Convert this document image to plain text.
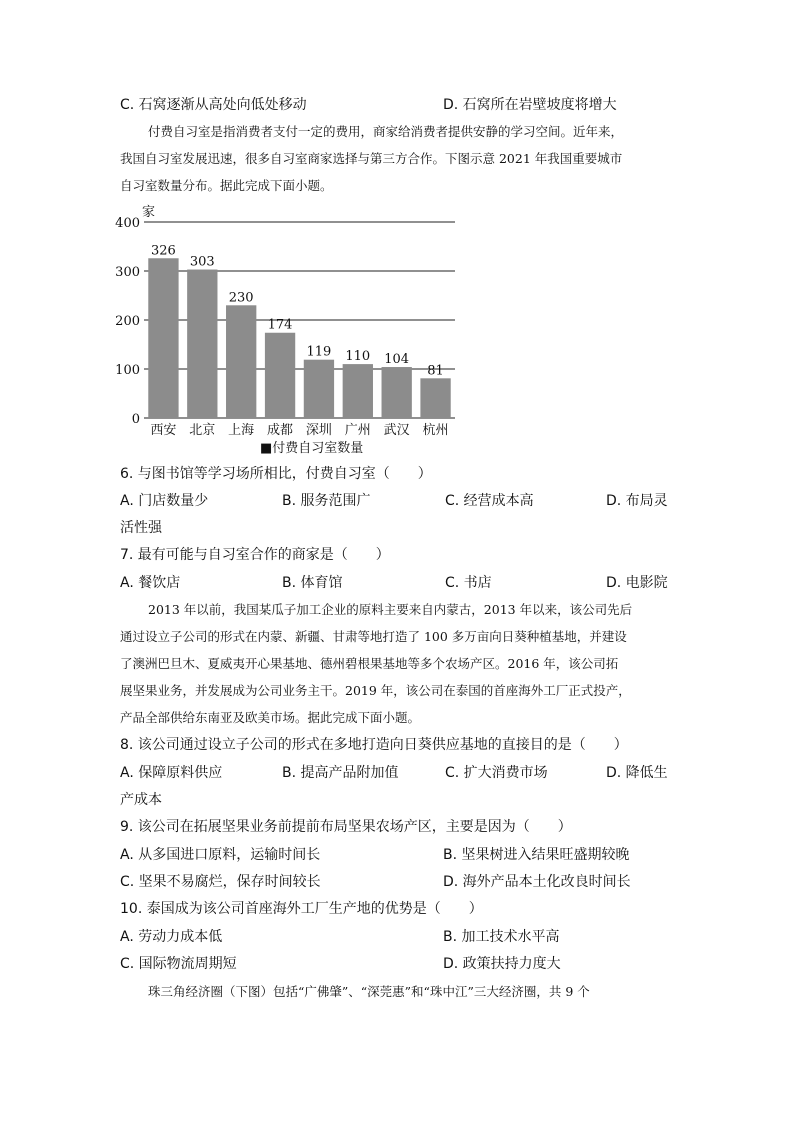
C. 石窝逐渐从高处向低处移动	D. 石窝所在岩壁坡度将增大
付费自习室是指消费者支付一定的费用，商家给消费者提供安静的学习空间。近年来，
我国自习室发展迅速，很多自习室商家选择与第三方合作。下图示意 2021 年我国重要城市
自习室数量分布。据此完成下面小题。
0
100
200
300
400
326
西安
303
北京
230
上海
174
成都
119
深圳
110
广州
104
武汉
81
杭州
家
■付费自习室数量
6. 与图书馆等学习场所相比，付费自习室（　　）
A. 门店数量少	B. 服务范围广	C. 经营成本高	D. 布局灵
活性强
7. 最有可能与自习室合作的商家是（　　）
A. 餐饮店	B. 体育馆	C. 书店	D. 电影院
2013 年以前，我国某瓜子加工企业的原料主要来自内蒙古，2013 年以来，该公司先后
通过设立子公司的形式在内蒙、新疆、甘肃等地打造了 100 多万亩向日葵种植基地，并建设
了澳洲巴旦木、夏威夷开心果基地、德州碧根果基地等多个农场产区。2016 年，该公司拓
展坚果业务，并发展成为公司业务主干。2019 年，该公司在泰国的首座海外工厂正式投产，
产品全部供给东南亚及欧美市场。据此完成下面小题。
8. 该公司通过设立子公司的形式在多地打造向日葵供应基地的直接目的是（　　）
A. 保障原料供应	B. 提高产品附加值	C. 扩大消费市场	D. 降低生
产成本
9. 该公司在拓展坚果业务前提前布局坚果农场产区，主要是因为（　　）
A. 从多国进口原料，运输时间长	B. 坚果树进入结果旺盛期较晚
C. 坚果不易腐烂，保存时间较长	D. 海外产品本土化改良时间长
10. 泰国成为该公司首座海外工厂生产地的优势是（　　）
A. 劳动力成本低	B. 加工技术水平高
C. 国际物流周期短	D. 政策扶持力度大
珠三角经济圈（下图）包括“广佛肇”、“深莞惠”和“珠中江”三大经济圈，共 9 个
